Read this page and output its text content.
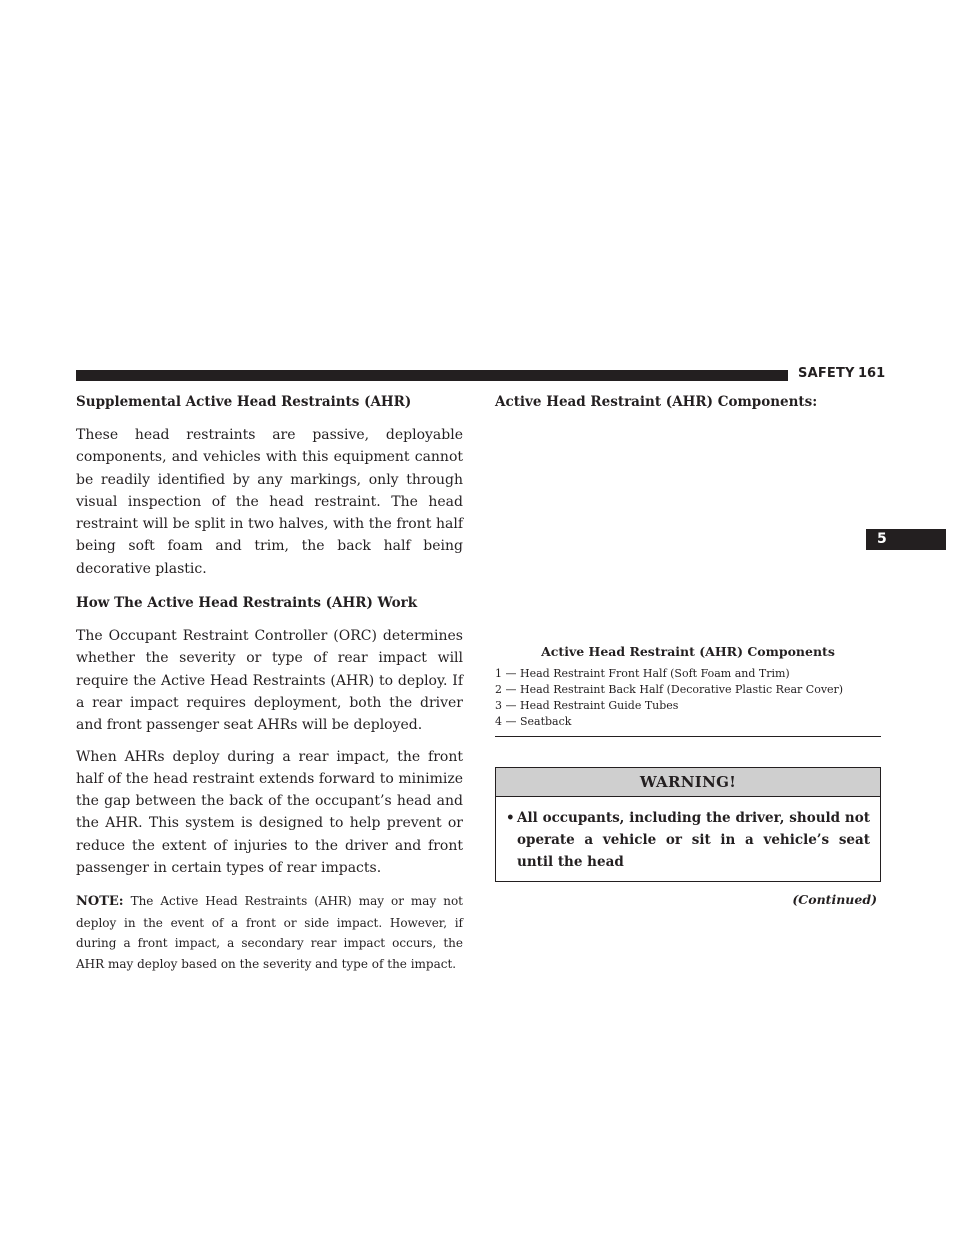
SAFETY 161
5
Supplemental Active Head Restraints (AHR)

These head restraints are passive, deployable components, and vehicles with this equipment cannot be readily identified by any markings, only through visual inspection of the head restraint. The head restraint will be split in two halves, with the front half being soft foam and trim, the back half being decorative plastic.

How The Active Head Restraints (AHR) Work

The Occupant Restraint Controller (ORC) determines whether the severity or type of rear impact will require the Active Head Restraints (AHR) to deploy. If a rear impact requires deployment, both the driver and front passenger seat AHRs will be deployed.

When AHRs deploy during a rear impact, the front half of the head restraint extends forward to minimize the gap between the back of the occupant’s head and the AHR. This system is designed to help prevent or reduce the extent of injuries to the driver and front passenger in certain types of rear impacts.

NOTE: The Active Head Restraints (AHR) may or may not deploy in the event of a front or side impact. However, if during a front impact, a secondary rear impact occurs, the AHR may deploy based on the severity and type of the impact.

Active Head Restraint (AHR) Components:

Active Head Restraint (AHR) Components

1 — Head Restraint Front Half (Soft Foam and Trim)
2 — Head Restraint Back Half (Decorative Plastic Rear Cover)
3 — Head Restraint Guide Tubes
4 — Seatback
WARNING!
• All occupants, including the driver, should not operate a vehicle or sit in a vehicle’s seat until the head
(Continued)
